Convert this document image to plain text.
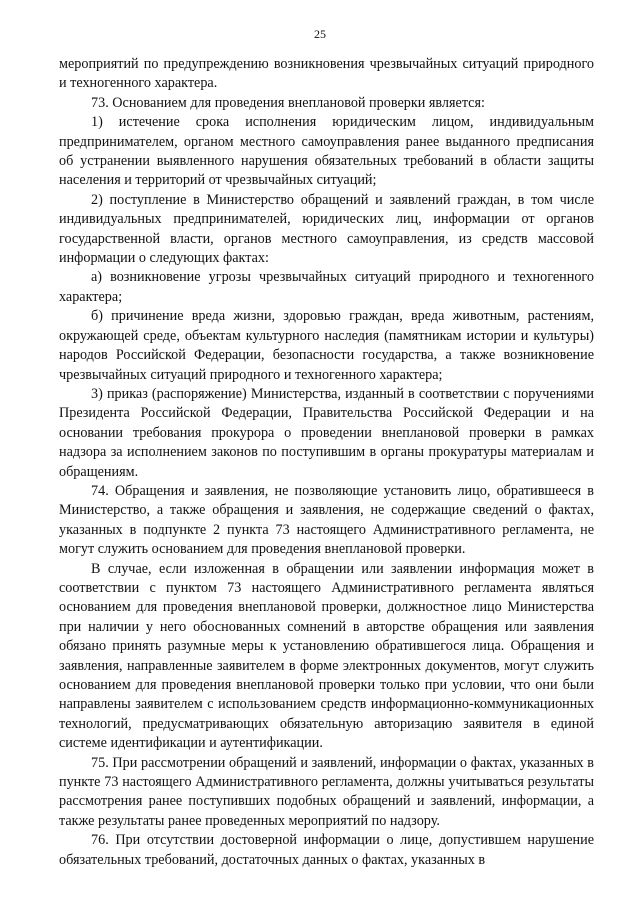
25

мероприятий по предупреждению возникновения чрезвычайных ситуаций природного и техногенного характера.

73. Основанием для проведения внеплановой проверки является:

1) истечение срока исполнения юридическим лицом, индивидуальным предпринимателем, органом местного самоуправления ранее выданного предписания об устранении выявленного нарушения обязательных требований в области защиты населения и территорий от чрезвычайных ситуаций;

2) поступление в Министерство обращений и заявлений граждан, в том числе индивидуальных предпринимателей, юридических лиц, информации от органов государственной власти, органов местного самоуправления, из средств массовой информации о следующих фактах:

а) возникновение угрозы чрезвычайных ситуаций природного и техногенного характера;

б) причинение вреда жизни, здоровью граждан, вреда животным, растениям, окружающей среде, объектам культурного наследия (памятникам истории и культуры) народов Российской Федерации, безопасности государства, а также возникновение чрезвычайных ситуаций природного и техногенного характера;

3) приказ (распоряжение) Министерства, изданный в соответствии с поручениями Президента Российской Федерации, Правительства Российской Федерации и на основании требования прокурора о проведении внеплановой проверки в рамках надзора за исполнением законов по поступившим в органы прокуратуры материалам и обращениям.

74. Обращения и заявления, не позволяющие установить лицо, обратившееся в Министерство, а также обращения и заявления, не содержащие сведений о фактах, указанных в подпункте 2 пункта 73 настоящего Административного регламента, не могут служить основанием для проведения внеплановой проверки.

В случае, если изложенная в обращении или заявлении информация может в соответствии с пунктом 73 настоящего Административного регламента являться основанием для проведения внеплановой проверки, должностное лицо Министерства при наличии у него обоснованных сомнений в авторстве обращения или заявления обязано принять разумные меры к установлению обратившегося лица. Обращения и заявления, направленные заявителем в форме электронных документов, могут служить основанием для проведения внеплановой проверки только при условии, что они были направлены заявителем с использованием средств информационно-коммуникационных технологий, предусматривающих обязательную авторизацию заявителя в единой системе идентификации и аутентификации.

75. При рассмотрении обращений и заявлений, информации о фактах, указанных в пункте 73 настоящего Административного регламента, должны учитываться результаты рассмотрения ранее поступивших подобных обращений и заявлений, информации, а также результаты ранее проведенных мероприятий по надзору.

76. При отсутствии достоверной информации о лице, допустившем нарушение обязательных требований, достаточных данных о фактах, указанных в
